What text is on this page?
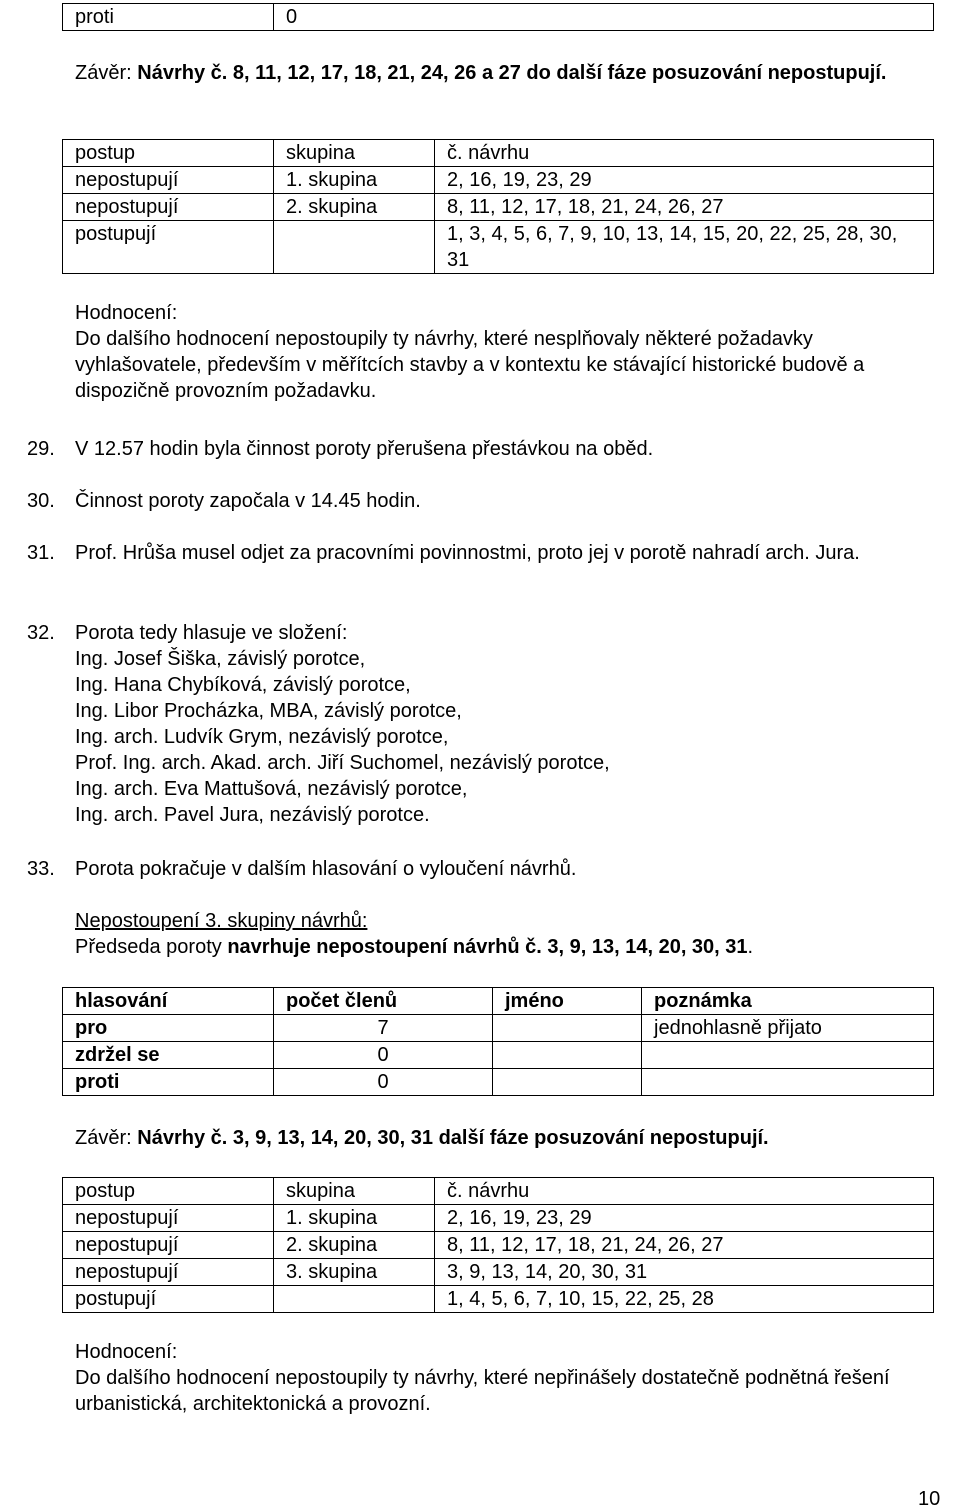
proti	0
Závěr: Návrhy č. 8, 11, 12, 17, 18, 21, 24, 26 a 27 do další fáze posuzování nepostupují.
postup	skupina	č. návrhu
nepostupují	1. skupina	2, 16, 19, 23, 29
nepostupují	2. skupina	8, 11, 12, 17, 18, 21, 24, 26, 27
postupují		1, 3, 4, 5, 6, 7, 9, 10, 13, 14, 15, 20, 22, 25, 28, 30, 31
Hodnocení:
Do dalšího hodnocení nepostoupily ty návrhy, které nesplňovaly některé požadavky vyhlašovatele, především v měřítcích stavby a v kontextu ke stávající historické budově a dispozičně provozním požadavku.
29. V 12.57 hodin byla činnost poroty přerušena přestávkou na oběd.
30. Činnost poroty započala v 14.45 hodin.
31. Prof. Hrůša musel odjet za pracovními povinnostmi, proto jej v porotě nahradí arch. Jura.
32. Porota tedy hlasuje ve složení:
Ing. Josef Šiška, závislý porotce,
Ing. Hana Chybíková, závislý porotce,
Ing. Libor Procházka, MBA, závislý porotce,
Ing. arch. Ludvík Grym, nezávislý porotce,
Prof. Ing. arch. Akad. arch. Jiří Suchomel, nezávislý porotce,
Ing. arch. Eva Mattušová, nezávislý porotce,
Ing. arch. Pavel Jura, nezávislý porotce.
33. Porota pokračuje v dalším hlasování o vyloučení návrhů.
Nepostoupení 3. skupiny návrhů:
Předseda poroty navrhuje nepostoupení návrhů č. 3, 9, 13, 14, 20, 30, 31.
hlasování	počet členů	jméno	poznámka
pro	7		jednohlasně přijato
zdržel se	0		
proti	0		
Závěr: Návrhy č. 3, 9, 13, 14, 20, 30, 31 další fáze posuzování nepostupují.
postup	skupina	č. návrhu
nepostupují	1. skupina	2, 16, 19, 23, 29
nepostupují	2. skupina	8, 11, 12, 17, 18, 21, 24, 26, 27
nepostupují	3. skupina	3, 9, 13, 14, 20, 30, 31
postupují		1, 4, 5, 6, 7, 10, 15, 22, 25, 28
Hodnocení:
Do dalšího hodnocení nepostoupily ty návrhy, které nepřinášely dostatečně podnětná řešení urbanistická, architektonická a provozní.
10
